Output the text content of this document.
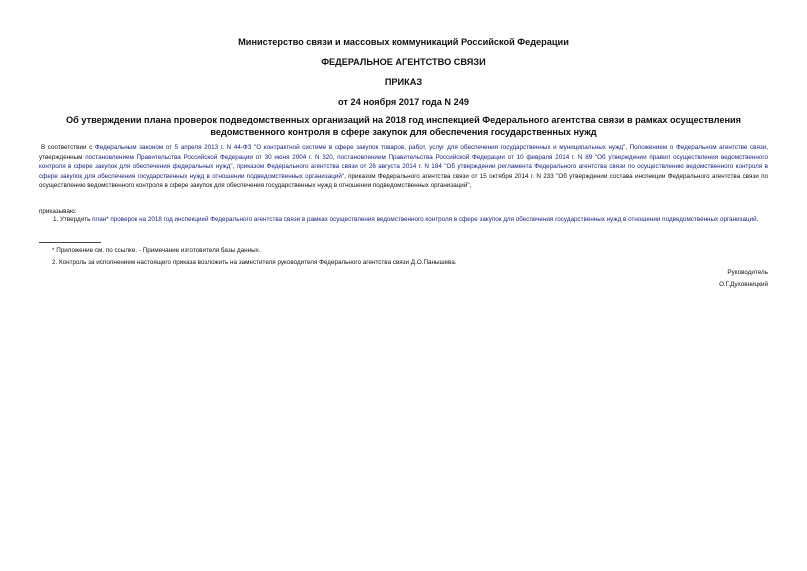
Министерство связи и массовых коммуникаций Российской Федерации
ФЕДЕРАЛЬНОЕ АГЕНТСТВО СВЯЗИ
ПРИКАЗ
от 24 ноября 2017 года N 249
Об утверждении плана проверок подведомственных организаций на 2018 год инспекцией Федерального агентства связи в рамках осуществления ведомственного контроля в сфере закупок для обеспечения государственных нужд
В соответствии с Федеральным законом от 5 апреля 2013 г. N 44-ФЗ "О контрактной системе в сфере закупок товаров, работ, услуг для обеспечения государственных и муниципальных нужд", Положением о Федеральном агентстве связи, утвержденным постановлением Правительства Российской Федерации от 30 июня 2004 г. N 320, постановлением Правительства Российской Федерации от 10 февраля 2014 г. N 89 "Об утверждении правил осуществления ведомственного контроля в сфере закупок для обеспечения федеральных нужд", приказом Федерального агентства связи от 26 августа 2014 г. N 184 "Об утверждении регламента Федерального агентства связи по осуществлению ведомственного контроля в сфере закупок для обеспечения государственных нужд в отношении подведомственных организаций", приказом Федерального агентства связи от 15 октября 2014 г. N 233 "Об утверждении состава инспекции Федерального агентства связи по осуществлению ведомственного контроля в сфере закупок для обеспечения государственных нужд в отношении подведомственных организаций",
приказываю:
1. Утвердить план* проверок на 2018 год инспекцией Федерального агентства связи в рамках осуществления ведомственного контроля в сфере закупок для обеспечения государственных нужд в отношении подведомственных организаций.
* Приложение см. по ссылке. - Примечание изготовителя базы данных.
2. Контроль за исполнением настоящего приказа возложить на заместителя руководителя Федерального агентства связи Д.О.Панышева.
Руководитель
О.Г.Духовницкий
